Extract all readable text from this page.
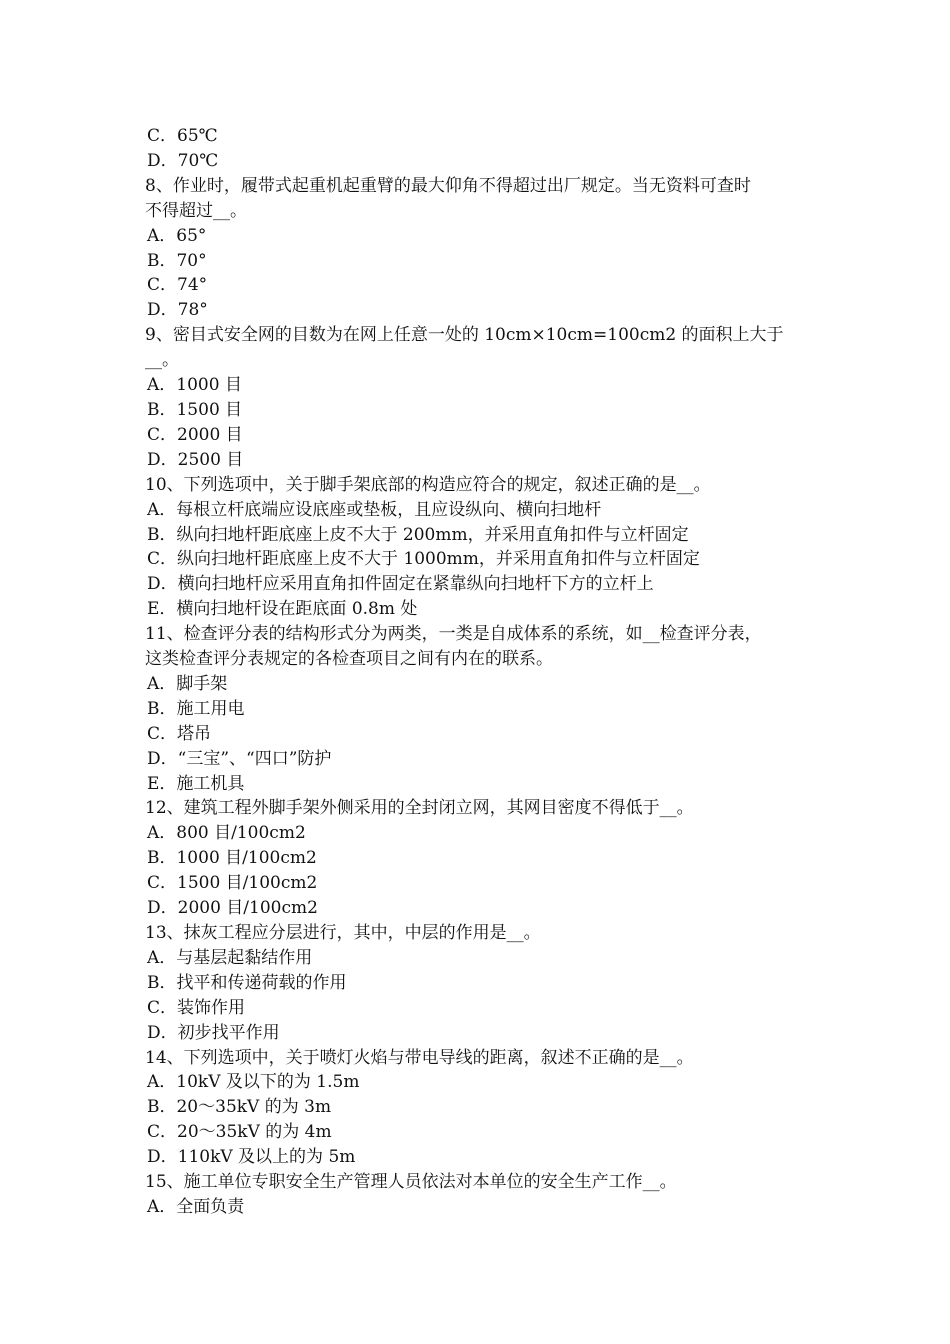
C．65℃
D．70℃
8、作业时，履带式起重机起重臂的最大仰角不得超过出厂规定。当无资料可查时
不得超过__。
A．65°
B．70°
C．74°
D．78°
9、密目式安全网的目数为在网上任意一处的 10cm×10cm=100cm2 的面积上大于
__。
A．1000 目
B．1500 目
C．2000 目
D．2500 目
10、下列选项中，关于脚手架底部的构造应符合的规定，叙述正确的是__。
A．每根立杆底端应设底座或垫板，且应设纵向、横向扫地杆
B．纵向扫地杆距底座上皮不大于 200mm，并采用直角扣件与立杆固定
C．纵向扫地杆距底座上皮不大于 1000mm，并采用直角扣件与立杆固定
D．横向扫地杆应采用直角扣件固定在紧靠纵向扫地杆下方的立杆上
E．横向扫地杆设在距底面 0.8m 处
11、检查评分表的结构形式分为两类，一类是自成体系的系统，如__检查评分表，
这类检查评分表规定的各检查项目之间有内在的联系。
A．脚手架
B．施工用电
C．塔吊
D．“三宝”、“四口”防护
E．施工机具
12、建筑工程外脚手架外侧采用的全封闭立网，其网目密度不得低于__。
A．800 目/100cm2
B．1000 目/100cm2
C．1500 目/100cm2
D．2000 目/100cm2
13、抹灰工程应分层进行，其中，中层的作用是__。
A．与基层起黏结作用
B．找平和传递荷载的作用
C．装饰作用
D．初步找平作用
14、下列选项中，关于喷灯火焰与带电导线的距离，叙述不正确的是__。
A．10kV 及以下的为 1.5m
B．20～35kV 的为 3m
C．20～35kV 的为 4m
D．110kV 及以上的为 5m
15、施工单位专职安全生产管理人员依法对本单位的安全生产工作__。
A．全面负责
